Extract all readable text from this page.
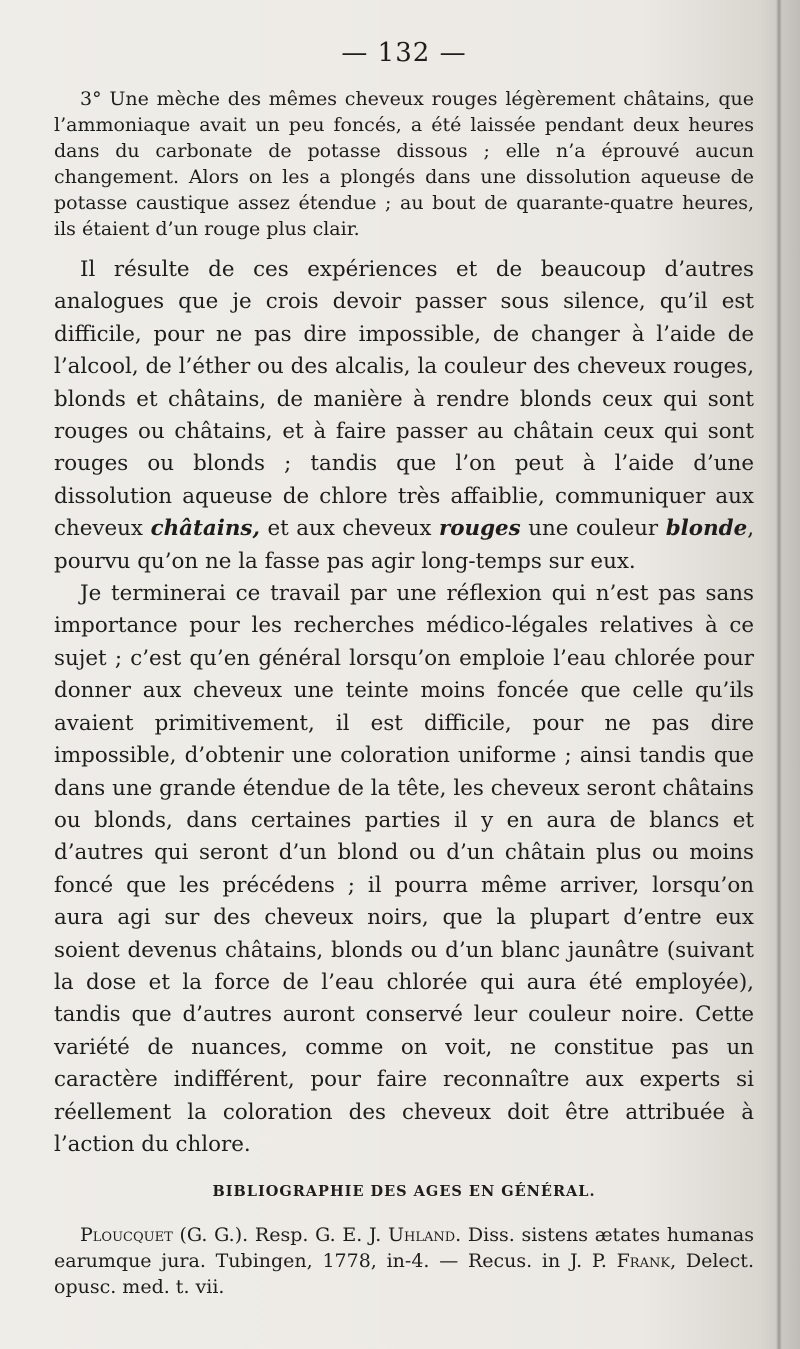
— 132 —

3° Une mèche des mêmes cheveux rouges légèrement châtains, que l’ammoniaque avait un peu foncés, a été laissée pendant deux heures dans du carbonate de potasse dissous ; elle n’a éprouvé aucun changement. Alors on les a plongés dans une dissolution aqueuse de potasse caustique assez étendue ; au bout de quarante-quatre heures, ils étaient d’un rouge plus clair.

Il résulte de ces expériences et de beaucoup d’autres analogues que je crois devoir passer sous silence, qu’il est difficile, pour ne pas dire impossible, de changer à l’aide de l’alcool, de l’éther ou des alcalis, la couleur des cheveux rouges, blonds et châtains, de manière à rendre blonds ceux qui sont rouges ou châtains, et à faire passer au châtain ceux qui sont rouges ou blonds ; tandis que l’on peut à l’aide d’une dissolution aqueuse de chlore très affaiblie, communiquer aux cheveux châtains, et aux cheveux rouges une couleur blonde, pourvu qu’on ne la fasse pas agir long-temps sur eux.

Je terminerai ce travail par une réflexion qui n’est pas sans importance pour les recherches médico-légales relatives à ce sujet ; c’est qu’en général lorsqu’on emploie l’eau chlorée pour donner aux cheveux une teinte moins foncée que celle qu’ils avaient primitivement, il est difficile, pour ne pas dire impossible, d’obtenir une coloration uniforme ; ainsi tandis que dans une grande étendue de la tête, les cheveux seront châtains ou blonds, dans certaines parties il y en aura de blancs et d’autres qui seront d’un blond ou d’un châtain plus ou moins foncé que les précédens ; il pourra même arriver, lorsqu’on aura agi sur des cheveux noirs, que la plupart d’entre eux soient devenus châtains, blonds ou d’un blanc jaunâtre (suivant la dose et la force de l’eau chlorée qui aura été employée), tandis que d’autres auront conservé leur couleur noire. Cette variété de nuances, comme on voit, ne constitue pas un caractère indifférent, pour faire reconnaître aux experts si réellement la coloration des cheveux doit être attribuée à l’action du chlore.

BIBLIOGRAPHIE DES AGES EN GÉNÉRAL.

Ploucquet (G. G.). Resp. G. E. J. Uhland. Diss. sistens ætates humanas earumque jura. Tubingen, 1778, in-4. — Recus. in J. P. Frank, Delect. opusc. med. t. vii.
